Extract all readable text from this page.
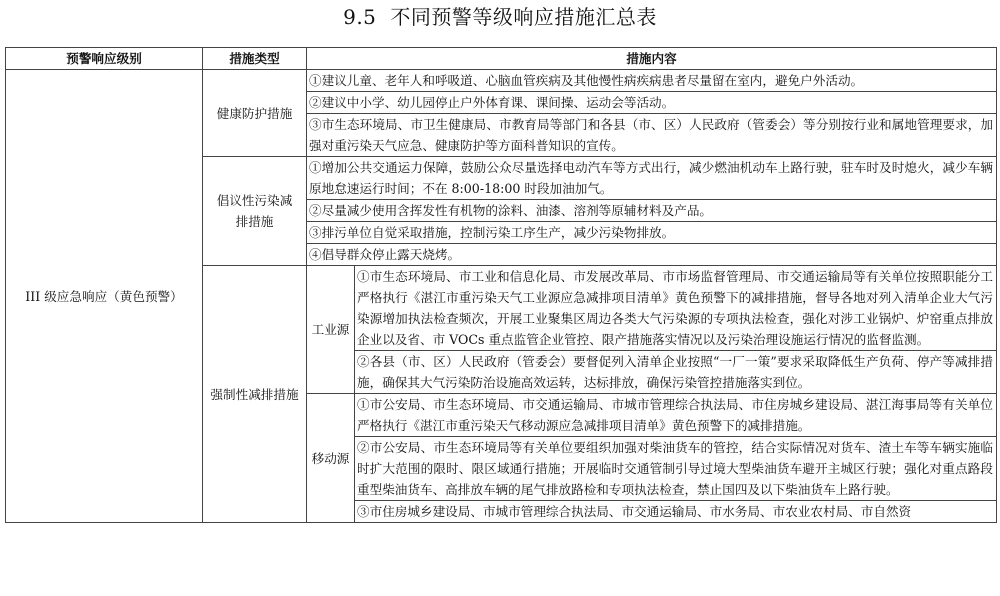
9.5 不同预警等级响应措施汇总表
预警响应级别	措施类型	措施内容	
III 级应急响应（黄色预警）	健康防护措施	①建议儿童、老年人和呼吸道、心脑血管疾病及其他慢性病疾病患者尽量留在室内，避免户外活动。	
		②建议中小学、幼儿园停止户外体育课、课间操、运动会等活动。	
		③市生态环境局、市卫生健康局、市教育局等部门和各县（市、区）人民政府（管委会）等分别按行业和属地管理要求，加强对重污染天气应急、健康防护等方面科普知识的宣传。	
	倡议性污染减排措施	①增加公共交通运力保障，鼓励公众尽量选择电动汽车等方式出行，减少燃油机动车上路行驶，驻车时及时熄火，减少车辆原地怠速运行时间；不在 8:00-18:00 时段加油加气。	
		②尽量减少使用含挥发性有机物的涂料、油漆、溶剂等原辅材料及产品。	
		③排污单位自觉采取措施，控制污染工序生产，减少污染物排放。	
		④倡导群众停止露天烧烤。	
	强制性减排措施	工业源	①市生态环境局、市工业和信息化局、市发展改革局、市市场监督管理局、市交通运输局等有关单位按照职能分工严格执行《湛江市重污染天气工业源应急减排项目清单》黄色预警下的减排措施，督导各地对列入清单企业大气污染源增加执法检查频次，开展工业聚集区周边各类大气污染源的专项执法检查，强化对涉工业锅炉、炉窑重点排放企业以及省、市 VOCs 重点监管企业管控、限产措施落实情况以及污染治理设施运行情况的监督监测。
			②各县（市、区）人民政府（管委会）要督促列入清单企业按照“一厂一策”要求采取降低生产负荷、停产等减排措施，确保其大气污染防治设施高效运转，达标排放，确保污染管控措施落实到位。
		移动源	①市公安局、市生态环境局、市交通运输局、市城市管理综合执法局、市住房城乡建设局、湛江海事局等有关单位严格执行《湛江市重污染天气移动源应急减排项目清单》黄色预警下的减排措施。
			②市公安局、市生态环境局等有关单位要组织加强对柴油货车的管控，结合实际情况对货车、渣土车等车辆实施临时扩大范围的限时、限区域通行措施；开展临时交通管制引导过境大型柴油货车避开主城区行驶；强化对重点路段重型柴油货车、高排放车辆的尾气排放路检和专项执法检查，禁止国四及以下柴油货车上路行驶。
			③市住房城乡建设局、市城市管理综合执法局、市交通运输局、市水务局、市农业农村局、市自然资
